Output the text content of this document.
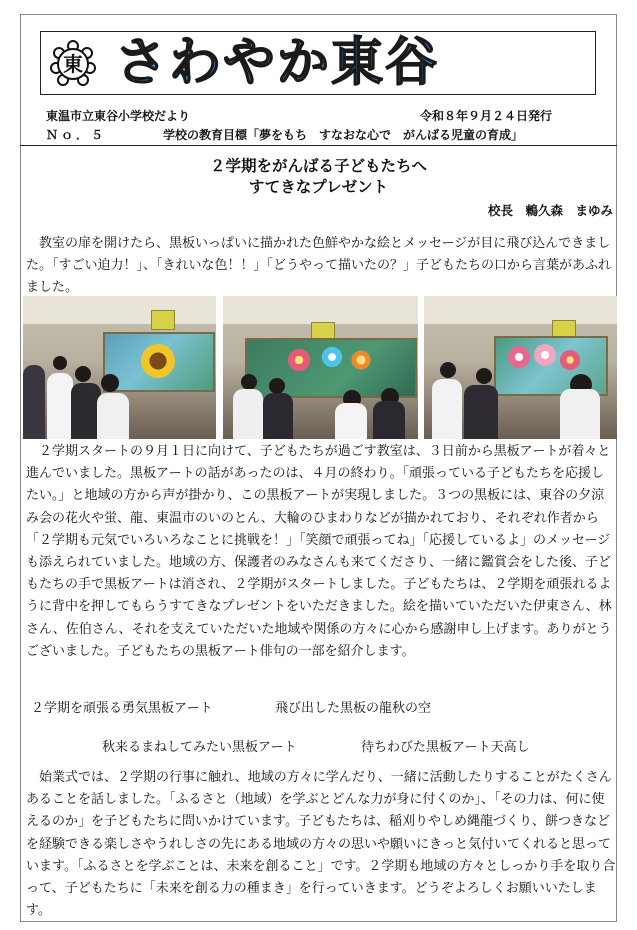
東 さわやか東谷
東温市立東谷小学校だより	令和８年９月２４日発行
Ｎｏ．５	学校の教育目標「夢をもち　すなおな心で　がんばる児童の育成」
２学期をがんばる子どもたちへ
すてきなプレゼント
校長　鶫久森　まゆみ

教室の扉を開けたら、黒板いっぱいに描かれた色鮮やかな絵とメッセージが目に飛び込んできました。「すごい迫力！」、「きれいな色！！」「どうやって描いたの？」子どもたちの口から言葉があふれました。

２学期スタートの９月１日に向けて、子どもたちが過ごす教室は、３日前から黒板アートが着々と進んでいました。黒板アートの話があったのは、４月の終わり。「頑張っている子どもたちを応援したい。」と地域の方から声が掛かり、この黒板アートが実現しました。３つの黒板には、東谷の夕涼み会の花火や蛍、龍、東温市のいのとん、大輪のひまわりなどが描かれており、それぞれ作者から「２学期も元気でいろいろなことに挑戦を！」「笑顔で頑張ってね」「応援しているよ」のメッセージも添えられていました。地域の方、保護者のみなさんも来てくださり、一緒に鑑賞会をした後、子どもたちの手で黒板アートは消され、２学期がスタートしました。子どもたちは、２学期を頑張れるように背中を押してもらうすてきなプレゼントをいただきました。絵を描いていただいた伊東さん、林さん、佐伯さん、それを支えていただいた地域や関係の方々に心から感謝申し上げます。ありがとうございました。子どもたちの黒板アート俳句の一部を紹介します。

２学期を頑張る勇気黒板アート	飛び出した黒板の龍秋の空
秋来るまねしてみたい黒板アート	待ちわびた黒板アート天高し

始業式では、２学期の行事に触れ、地域の方々に学んだり、一緒に活動したりすることがたくさんあることを話しました。「ふるさと（地域）を学ぶとどんな力が身に付くのか」、「その力は、何に使えるのか」を子どもたちに問いかけています。子どもたちは、稲刈りやしめ縄龍づくり、餅つきなどを経験できる楽しさやうれしさの先にある地域の方々の思いや願いにきっと気付いてくれると思っています。「ふるさとを学ぶことは、未来を創ること」です。２学期も地域の方々としっかり手を取り合って、子どもたちに「未来を創る力の種まき」を行っていきます。どうぞよろしくお願いいたします。
